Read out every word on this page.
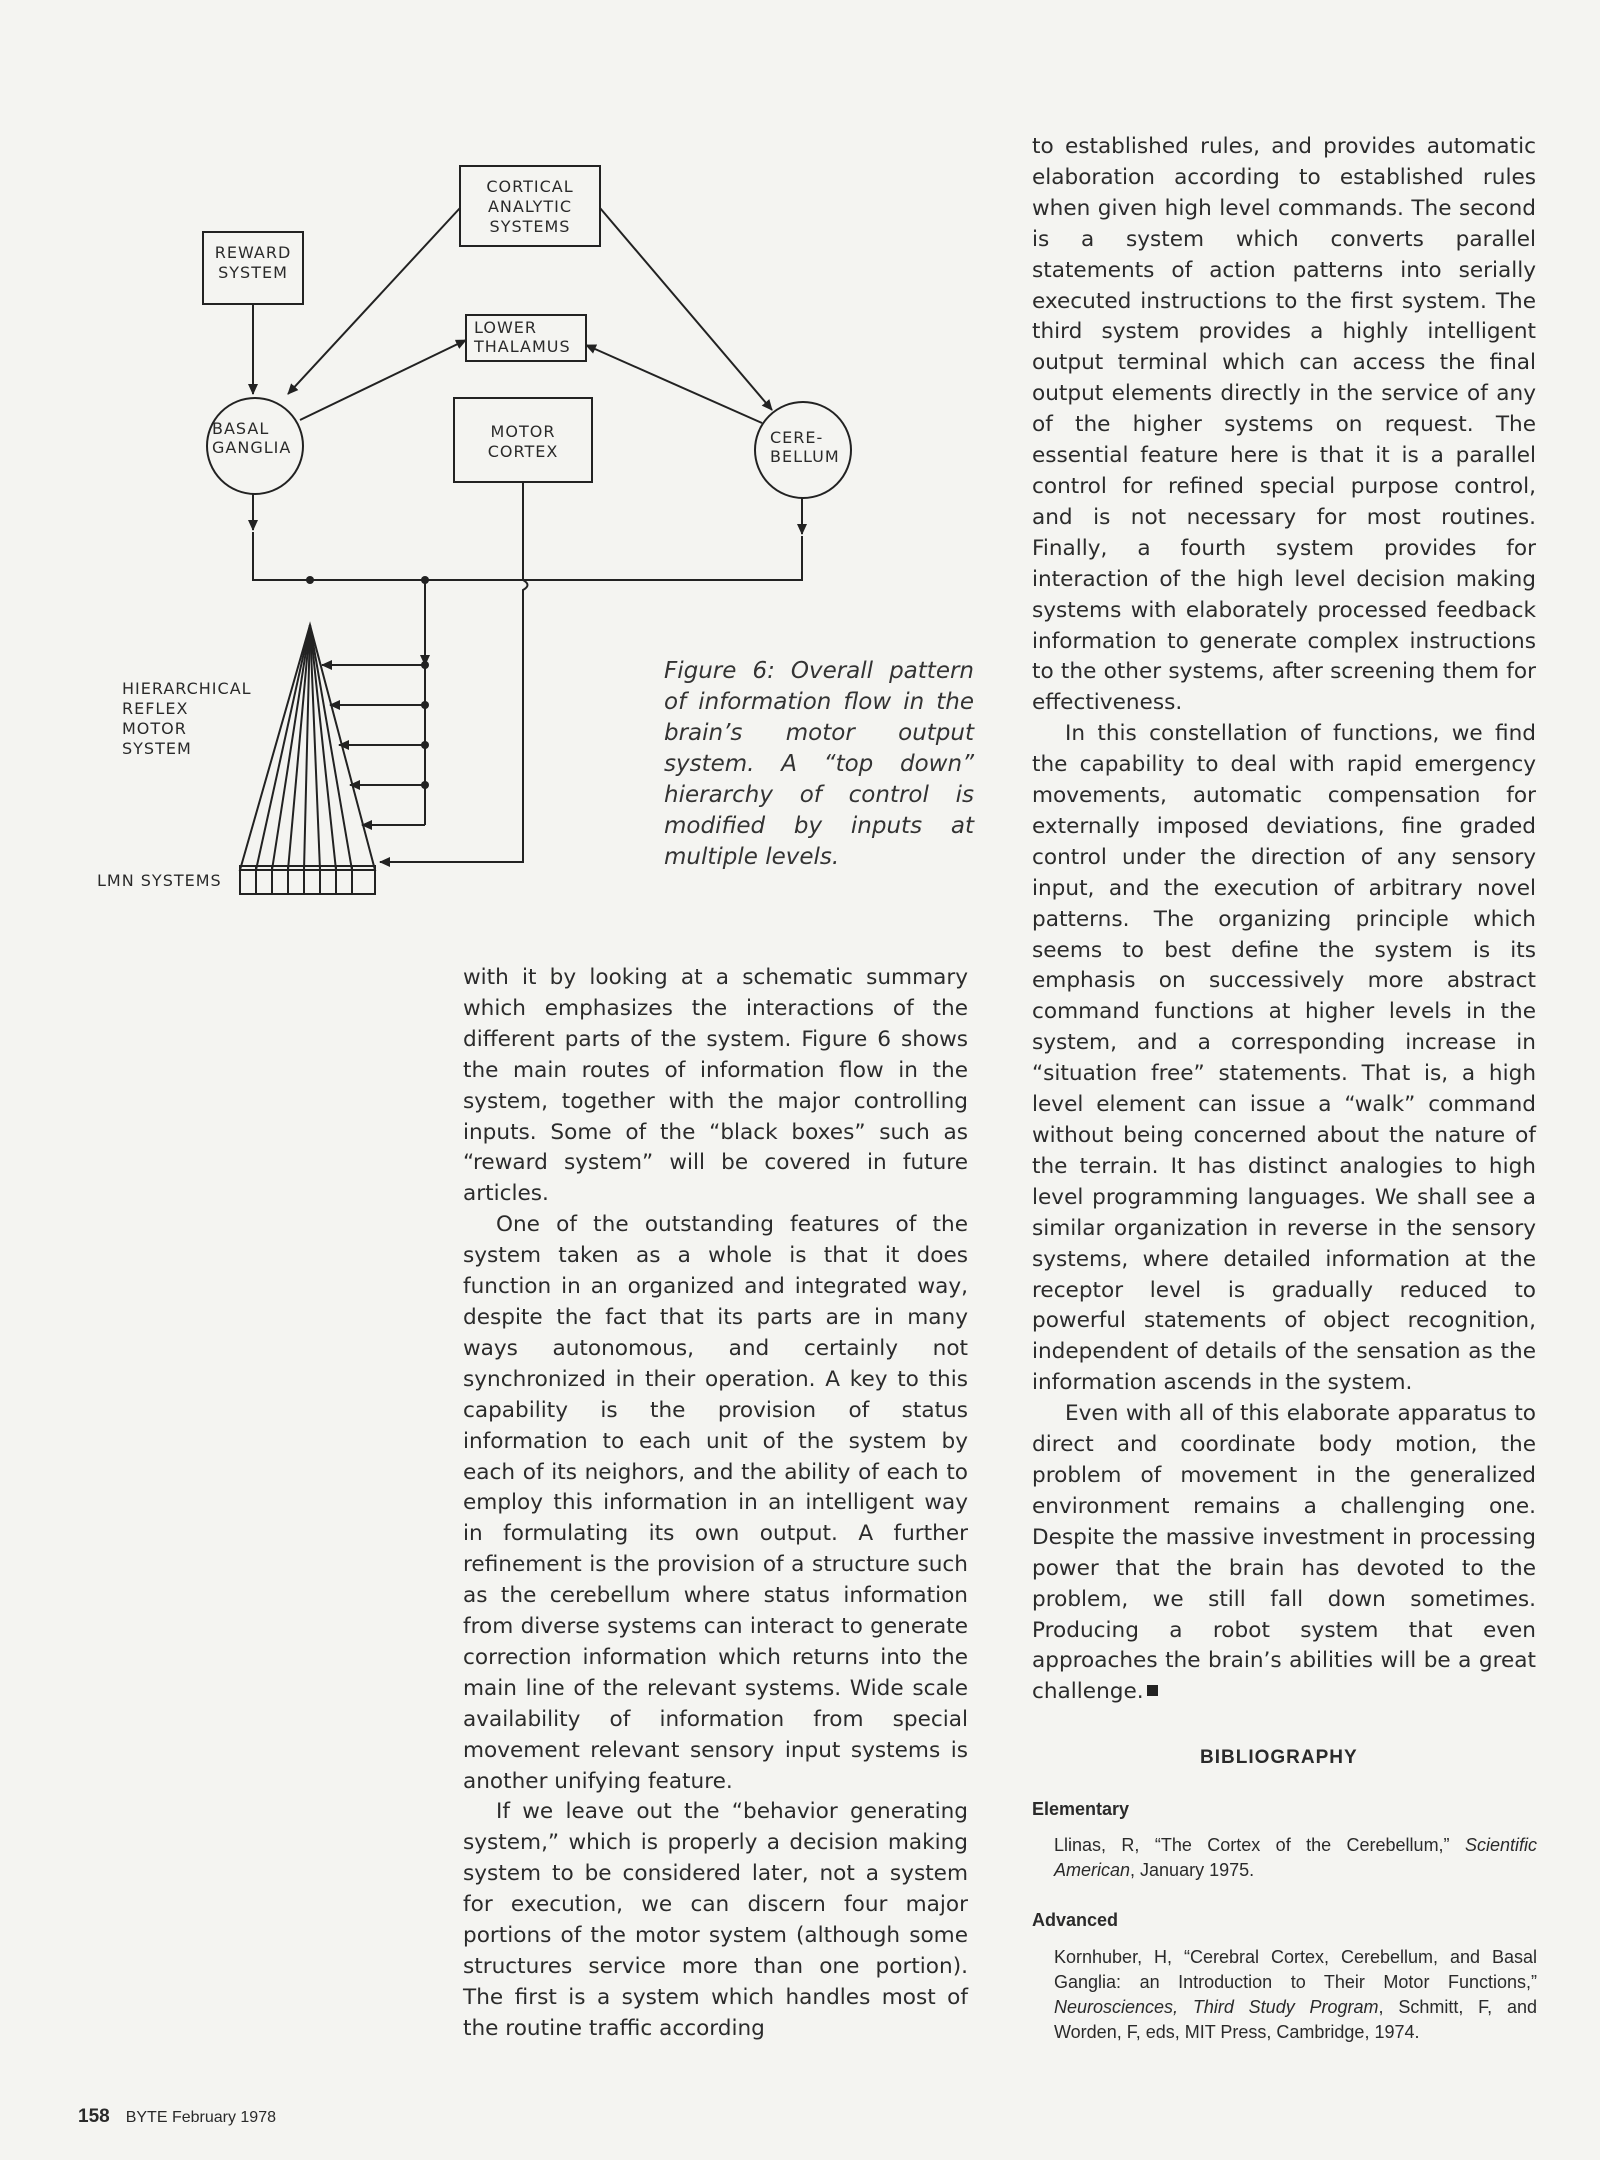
CORTICAL
ANALYTIC
SYSTEMS
REWARD
SYSTEM
LOWER
THALAMUS
MOTOR
CORTEX
BASAL
GANGLIA
CERE-
BELLUM
HIERARCHICAL
REFLEX
MOTOR
SYSTEM
LMN SYSTEMS
Figure 6: Overall pattern of information flow in the brain’s motor output system. A “top down” hierarchy of control is modified by inputs at multiple levels.

with it by looking at a schematic summary which emphasizes the interactions of the different parts of the system. Figure 6 shows the main routes of information flow in the system, together with the major controlling inputs. Some of the “black boxes” such as “reward system” will be covered in future articles.

One of the outstanding features of the system taken as a whole is that it does function in an organized and integrated way, despite the fact that its parts are in many ways autonomous, and certainly not synchronized in their operation. A key to this capability is the provision of status information to each unit of the system by each of its neighors, and the ability of each to employ this information in an intelligent way in formulating its own output. A further refinement is the provision of a structure such as the cerebellum where status information from diverse systems can interact to generate correction information which returns into the main line of the relevant systems. Wide scale availability of information from special movement relevant sensory input systems is another unifying feature.

If we leave out the “behavior generating system,” which is properly a decision making system to be considered later, not a system for execution, we can discern four major portions of the motor system (although some structures service more than one portion). The first is a system which handles most of the routine traffic according

to established rules, and provides automatic elaboration according to established rules when given high level commands. The second is a system which converts parallel statements of action patterns into serially executed instructions to the first system. The third system provides a highly intelligent output terminal which can access the final output elements directly in the service of any of the higher systems on request. The essential feature here is that it is a parallel control for refined special purpose control, and is not necessary for most routines. Finally, a fourth system provides for interaction of the high level decision making systems with elaborately processed feedback information to generate complex instructions to the other systems, after screening them for effectiveness.

In this constellation of functions, we find the capability to deal with rapid emergency movements, automatic compensation for externally imposed deviations, fine graded control under the direction of any sensory input, and the execution of arbitrary novel patterns. The organizing principle which seems to best define the system is its emphasis on successively more abstract command functions at higher levels in the system, and a corresponding increase in “situation free” statements. That is, a high level element can issue a “walk” command without being concerned about the nature of the terrain. It has distinct analogies to high level programming languages. We shall see a similar organization in reverse in the sensory systems, where detailed information at the receptor level is gradually reduced to powerful statements of object recognition, independent of details of the sensation as the information ascends in the system.

Even with all of this elaborate apparatus to direct and coordinate body motion, the problem of movement in the generalized environment remains a challenging one. Despite the massive investment in processing power that the brain has devoted to the problem, we still fall down sometimes. Producing a robot system that even approaches the brain’s abilities will be a great challenge.

BIBLIOGRAPHY
Elementary
Llinas, R, “The Cortex of the Cerebellum,” Scientific American, January 1975.
Advanced
Kornhuber, H, “Cerebral Cortex, Cerebellum, and Basal Ganglia: an Introduction to Their Motor Functions,” Neurosciences, Third Study Program, Schmitt, F, and Worden, F, eds, MIT Press, Cambridge, 1974.
158 BYTE February 1978
